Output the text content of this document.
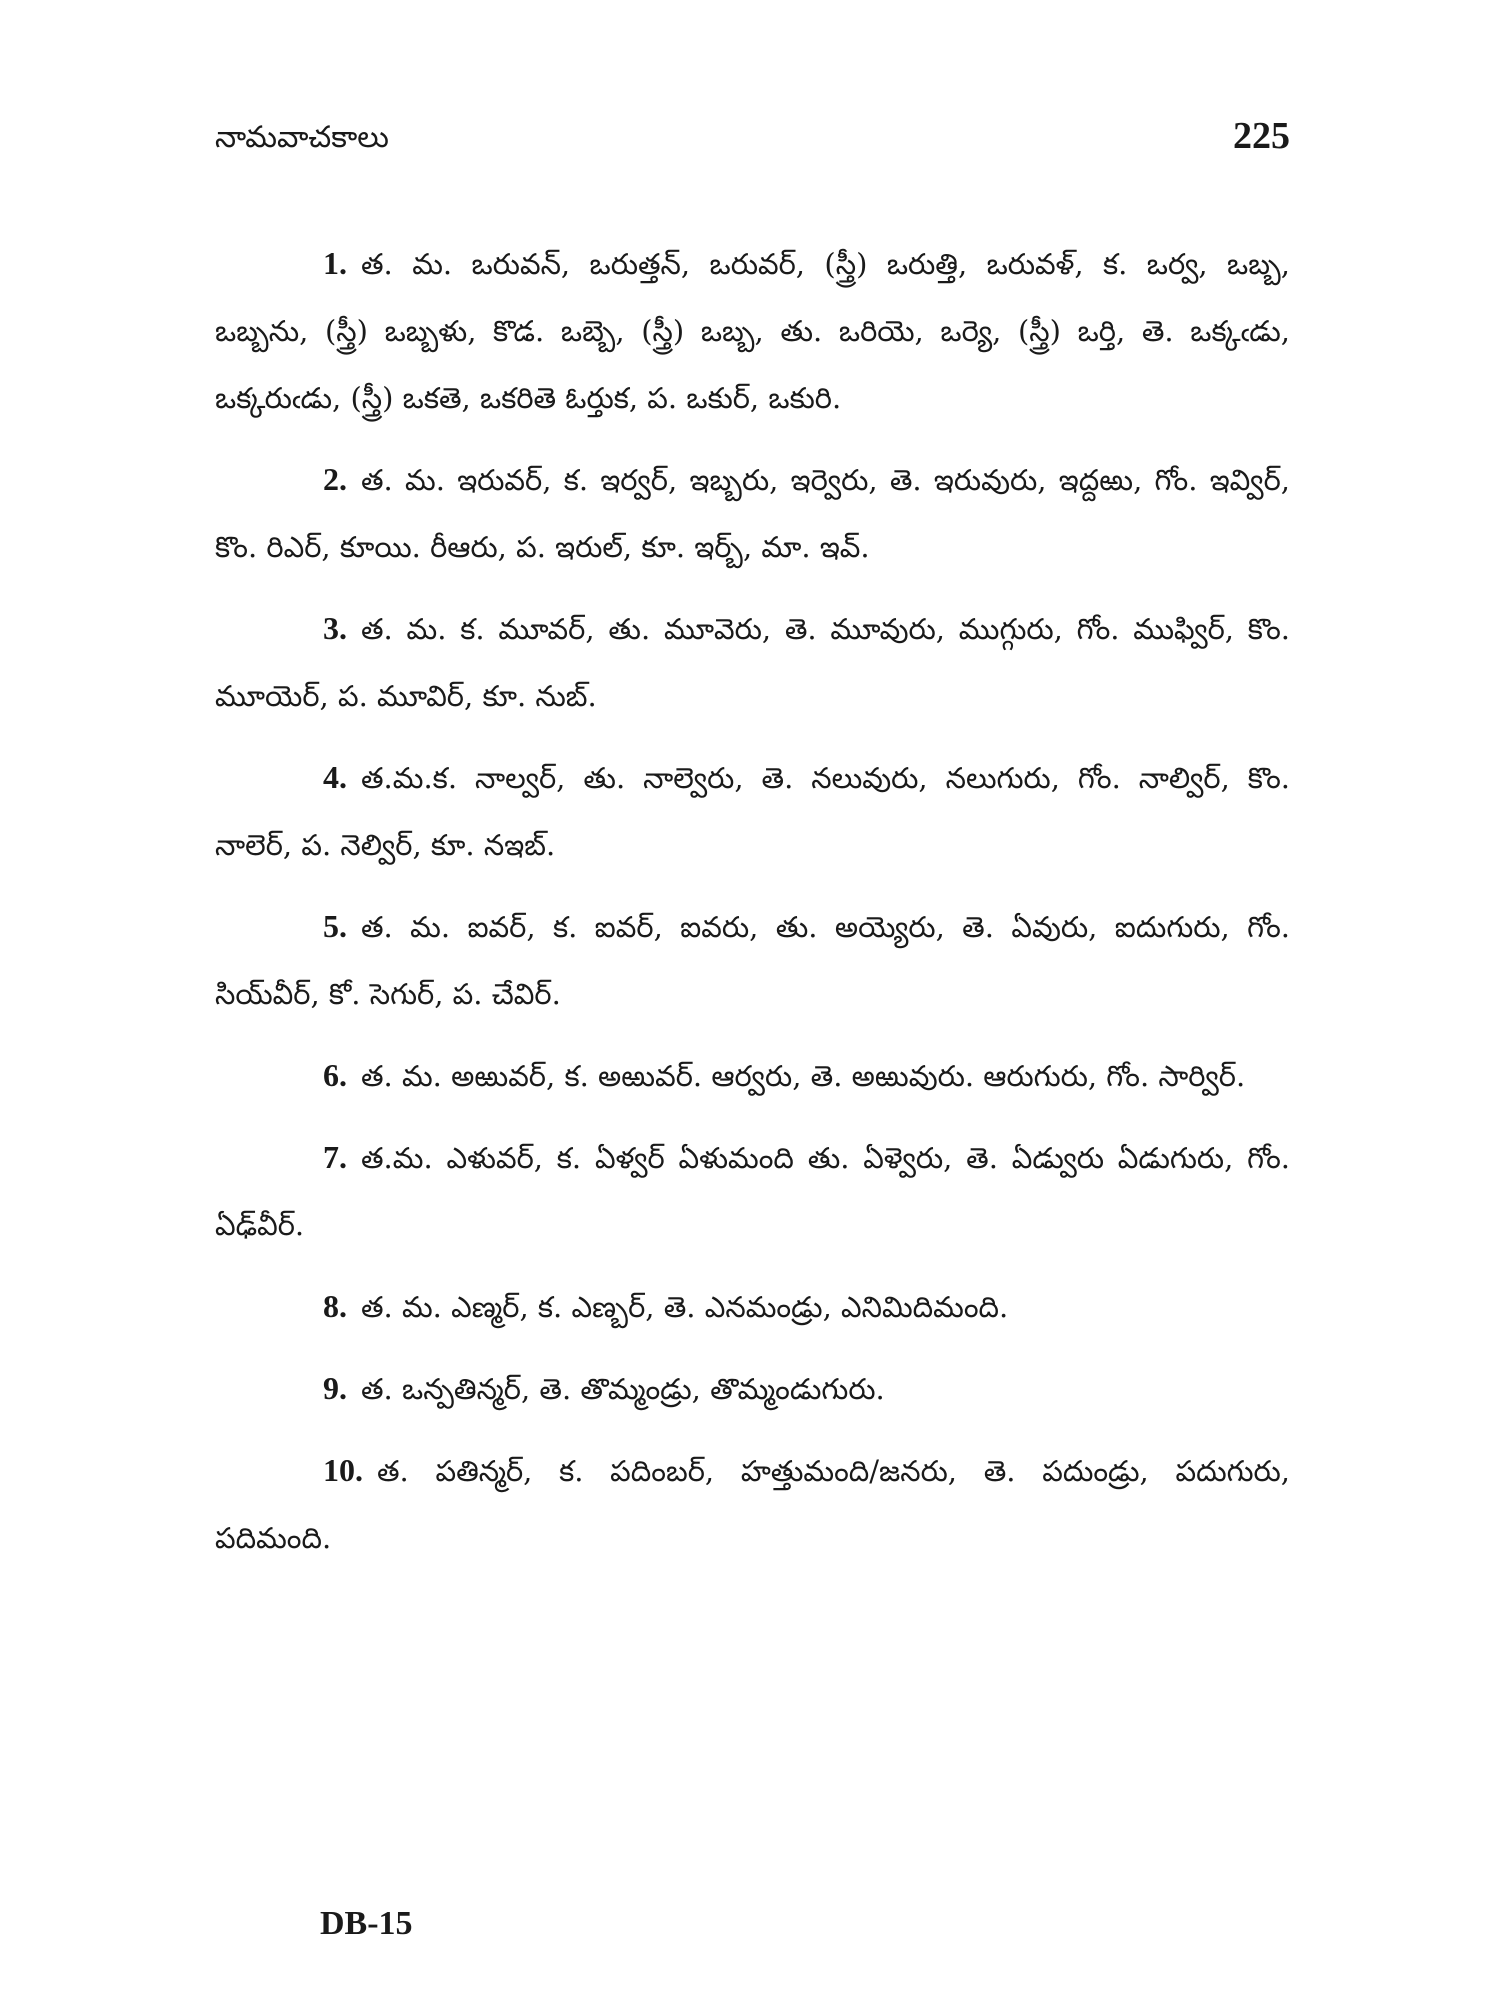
నామవాచకాలు	225

1. త. మ. ఒరువన్, ఒరుత్తన్, ఒరువర్, (స్త్రీ) ఒరుత్తి, ఒరువళ్, క. ఒర్వ, ఒబ్బ, ఒబ్బను, (స్త్రీ) ఒబ్బళు, కొడ. ఒబ్బె, (స్త్రీ) ఒబ్బ, తు. ఒరియె, ఒర్యె, (స్త్రీ) ఒర్తి, తె. ఒక్కఁడు, ఒక్కరుఁడు, (స్త్రీ) ఒకతె, ఒకరితె ఓర్తుక, ప. ఒకుర్, ఒకురి.

2. త. మ. ఇరువర్, క. ఇర్వర్, ఇబ్బరు, ఇర్వెరు, తె. ఇరువురు, ఇద్దఱు, గోం. ఇవ్విర్, కొం. రిఎర్, కూయి. రీఆరు, ప. ఇరుల్, కూ. ఇర్బ్, మా. ఇవ్.

3. త. మ. క. మూవర్, తు. మూవెరు, తె. మూవురు, ముగ్గురు, గోం. ముఫ్విర్, కొం. మూయెర్, ప. మూవిర్, కూ. నుబ్.

4. త.మ.క. నాల్వర్, తు. నాల్వెరు, తె. నలువురు, నలుగురు, గోం. నాల్విర్, కొం. నాలెర్, ప. నెల్విర్, కూ. నఇబ్.

5. త. మ. ఐవర్, క. ఐవర్, ఐవరు, తు. అయ్యెరు, తె. ఏవురు, ఐదుగురు, గోం. సియ్‌వీర్, కో. సెగుర్, ప. చేవిర్.

6. త. మ. అఱువర్, క. అఱువర్. ఆర్వరు, తె. అఱువురు. ఆరుగురు, గోం. సార్విర్.

7. త.మ. ఎళువర్, క. ఏళ్వర్ ఏళుమంది తు. ఏళ్వెరు, తె. ఏడ్వురు ఏడుగురు, గోం. ఏఢ్‌వీర్.

8. త. మ. ఎణ్మర్, క. ఎణ్బర్, తె. ఎనమండ్రు, ఎనిమిదిమంది.

9. త. ఒన్పతిన్మర్, తె. తొమ్మండ్రు, తొమ్మండుగురు.

10. త. పతిన్మర్, క. పదింబర్, హత్తుమంది/జనరు, తె. పదుండ్రు, పదుగురు, పదిమంది.

DB-15
